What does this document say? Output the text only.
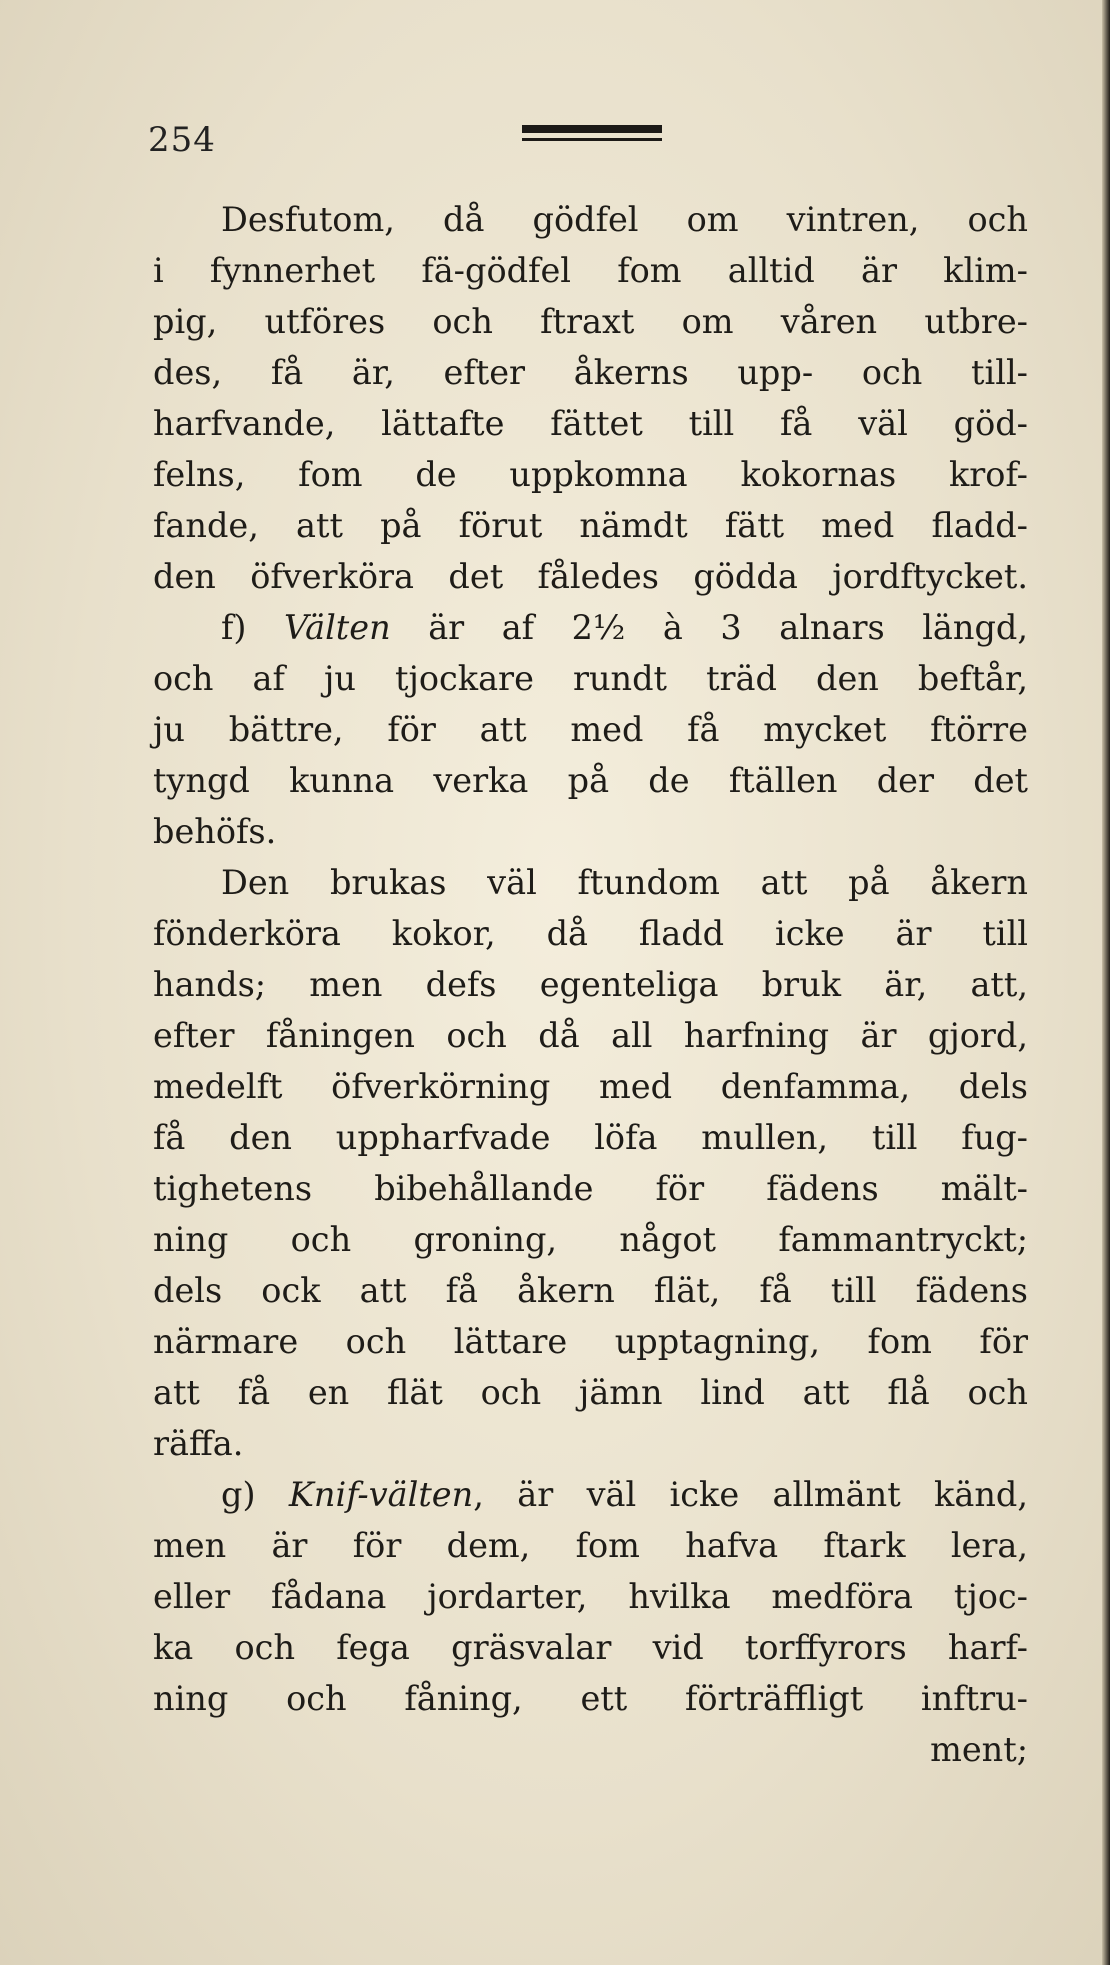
254
Desfutom, då gödfel om vintren, och
i fynnerhet fä-gödfel fom alltid är klim-
pig, utföres och ftraxt om våren utbre-
des, få är, efter åkerns upp- och till-
harfvande, lättafte fättet till få väl göd-
felns, fom de uppkomna kokornas krof-
fande, att på förut nämdt fätt med fladd-
den öfverköra det fåledes gödda jordftycket.
f) Välten är af 2½ à 3 alnars längd,
och af ju tjockare rundt träd den beftår,
ju bättre, för att med få mycket ftörre
tyngd kunna verka på de ftällen der det
behöfs.
Den brukas väl ftundom att på åkern
fönderköra kokor, då fladd icke är till
hands; men defs egenteliga bruk är, att,
efter fåningen och då all harfning är gjord,
medelft öfverkörning med denfamma, dels
få den uppharfvade löfa mullen, till fug-
tighetens bibehållande för fädens mält-
ning och groning, något fammantryckt;
dels ock att få åkern flät, få till fädens
närmare och lättare upptagning, fom för
att få en flät och jämn lind att flå och
räffa.
g) Knif-välten, är väl icke allmänt känd,
men är för dem, fom hafva ftark lera,
eller fådana jordarter, hvilka medföra tjoc-
ka och fega gräsvalar vid torffyrors harf-
ning och fåning, ett förträffligt inftru-
ment;
